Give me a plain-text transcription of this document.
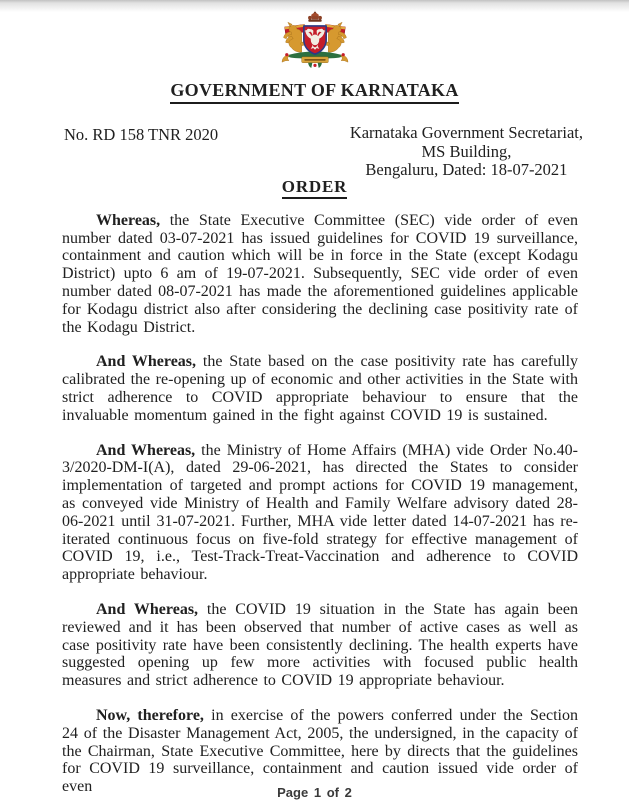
GOVERNMENT OF KARNATAKA
No. RD 158 TNR 2020	Karnataka Government Secretariat,
MS Building,
Bengaluru, Dated: 18-07-2021
ORDER

Whereas, the State Executive Committee (SEC) vide order of even number dated 03-07-2021 has issued guidelines for COVID 19 surveillance, containment and caution which will be in force in the State (except Kodagu District) upto 6 am of 19-07-2021. Subsequently, SEC vide order of even number dated 08-07-2021 has made the aforementioned guidelines applicable for Kodagu district also after considering the declining case positivity rate of the Kodagu District.

And Whereas, the State based on the case positivity rate has carefully calibrated the re-opening up of economic and other activities in the State with strict adherence to COVID appropriate behaviour to ensure that the invaluable momentum gained in the fight against COVID 19 is sustained.

And Whereas, the Ministry of Home Affairs (MHA) vide Order No.40-3/2020-DM-I(A), dated 29-06-2021, has directed the States to consider implementation of targeted and prompt actions for COVID 19 management, as conveyed vide Ministry of Health and Family Welfare advisory dated 28-06-2021 until 31-07-2021. Further, MHA vide letter dated 14-07-2021 has re-iterated continuous focus on five-fold strategy for effective management of COVID 19, i.e., Test-Track-Treat-Vaccination and adherence to COVID appropriate behaviour.

And Whereas, the COVID 19 situation in the State has again been reviewed and it has been observed that number of active cases as well as case positivity rate have been consistently declining. The health experts have suggested opening up few more activities with focused public health measures and strict adherence to COVID 19 appropriate behaviour.

Now, therefore, in exercise of the powers conferred under the Section 24 of the Disaster Management Act, 2005, the undersigned, in the capacity of the Chairman, State Executive Committee, here by directs that the guidelines for COVID 19 surveillance, containment and caution issued vide order of even	Page 1 of 2
